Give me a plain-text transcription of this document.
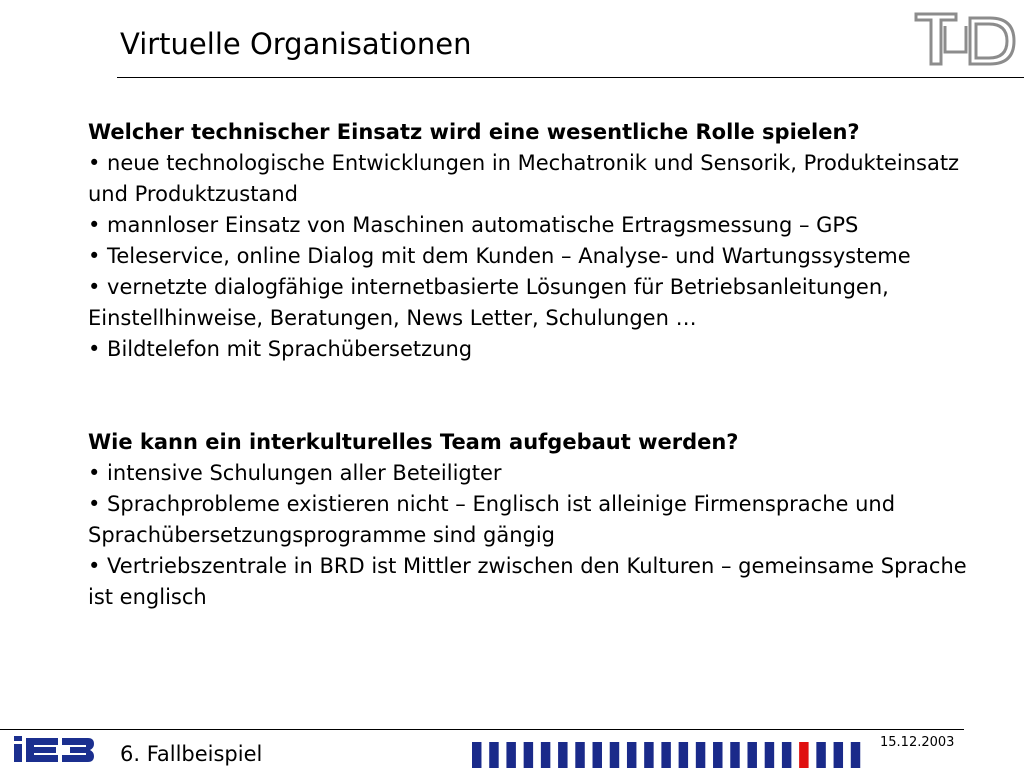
Virtuelle Organisationen

Welcher technischer Einsatz wird eine wesentliche Rolle spielen?

• neue technologische Entwicklungen in Mechatronik und Sensorik, Produkteinsatz und Produktzustand

• mannloser Einsatz von Maschinen automatische Ertragsmessung – GPS

• Teleservice, online Dialog mit dem Kunden – Analyse- und Wartungssysteme

• vernetzte dialogfähige internetbasierte Lösungen für Betriebsanleitungen, Einstellhinweise, Beratungen, News Letter, Schulungen …

• Bildtelefon mit Sprachübersetzung

Wie kann ein interkulturelles Team aufgebaut werden?

• intensive Schulungen aller Beteiligter

• Sprachprobleme existieren nicht – Englisch ist alleinige Firmensprache und Sprachübersetzungsprogramme sind gängig

• Vertriebszentrale in BRD ist Mittler zwischen den Kulturen – gemeinsame Sprache ist englisch

6. Fallbeispiel	15.12.2003
